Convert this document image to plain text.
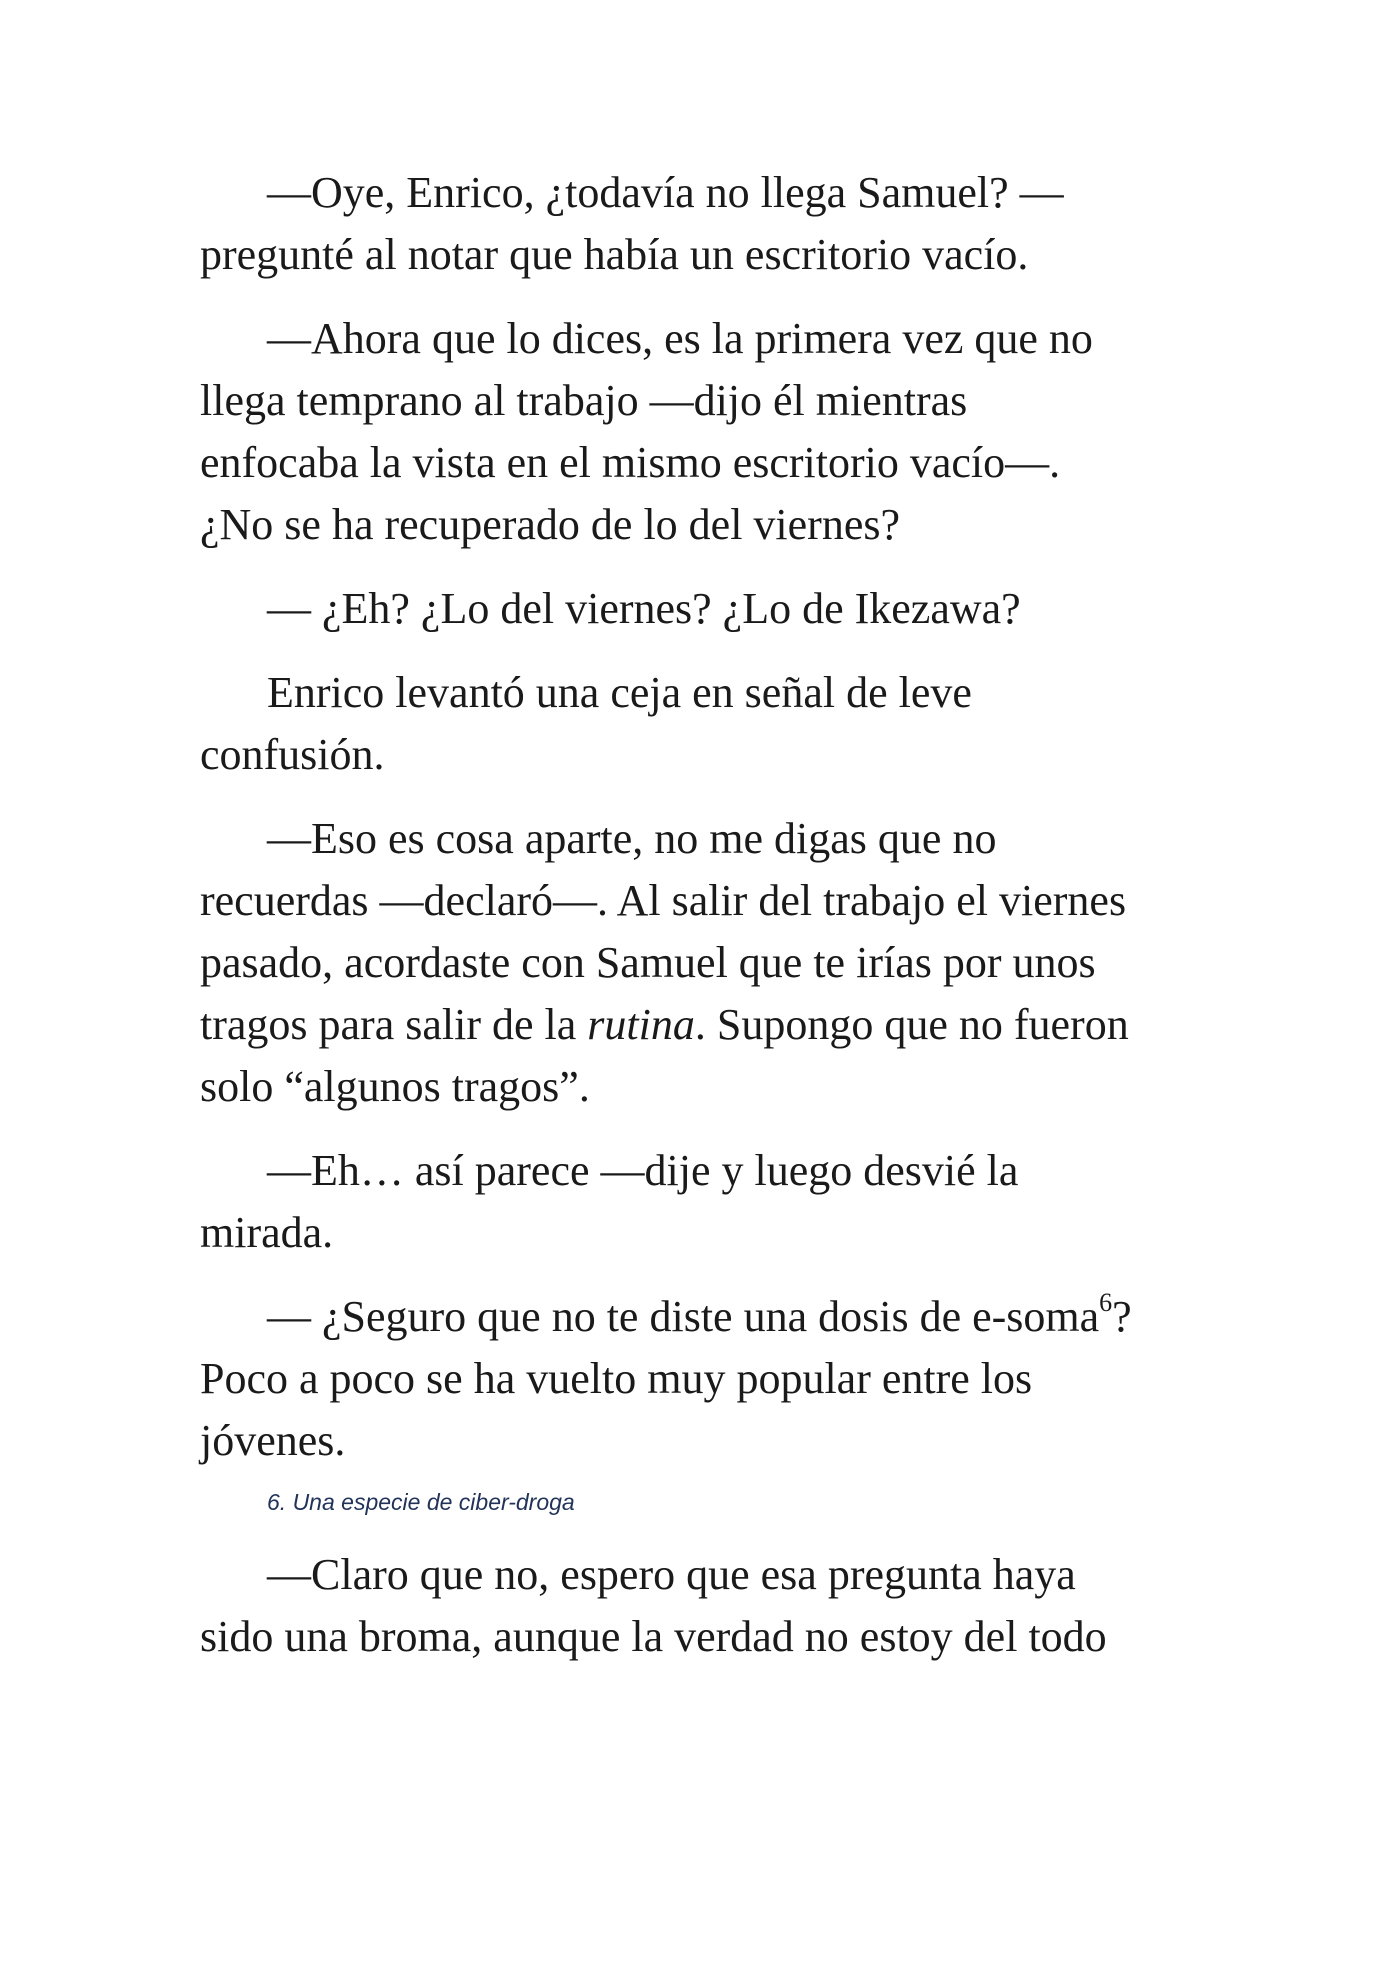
—Oye, Enrico, ¿todavía no llega Samuel? —
pregunté al notar que había un escritorio vacío.

—Ahora que lo dices, es la primera vez que no
llega temprano al trabajo —dijo él mientras
enfocaba la vista en el mismo escritorio vacío—.
¿No se ha recuperado de lo del viernes?

— ¿Eh? ¿Lo del viernes? ¿Lo de Ikezawa?

Enrico levantó una ceja en señal de leve
confusión.

—Eso es cosa aparte, no me digas que no
recuerdas —declaró—. Al salir del trabajo el viernes
pasado, acordaste con Samuel que te irías por unos
tragos para salir de la rutina. Supongo que no fueron
solo “algunos tragos”.

—Eh… así parece —dije y luego desvié la
mirada.

— ¿Seguro que no te diste una dosis de e-soma$^6$?
Poco a poco se ha vuelto muy popular entre los
jóvenes.

6. Una especie de ciber-droga

—Claro que no, espero que esa pregunta haya
sido una broma, aunque la verdad no estoy del todo
